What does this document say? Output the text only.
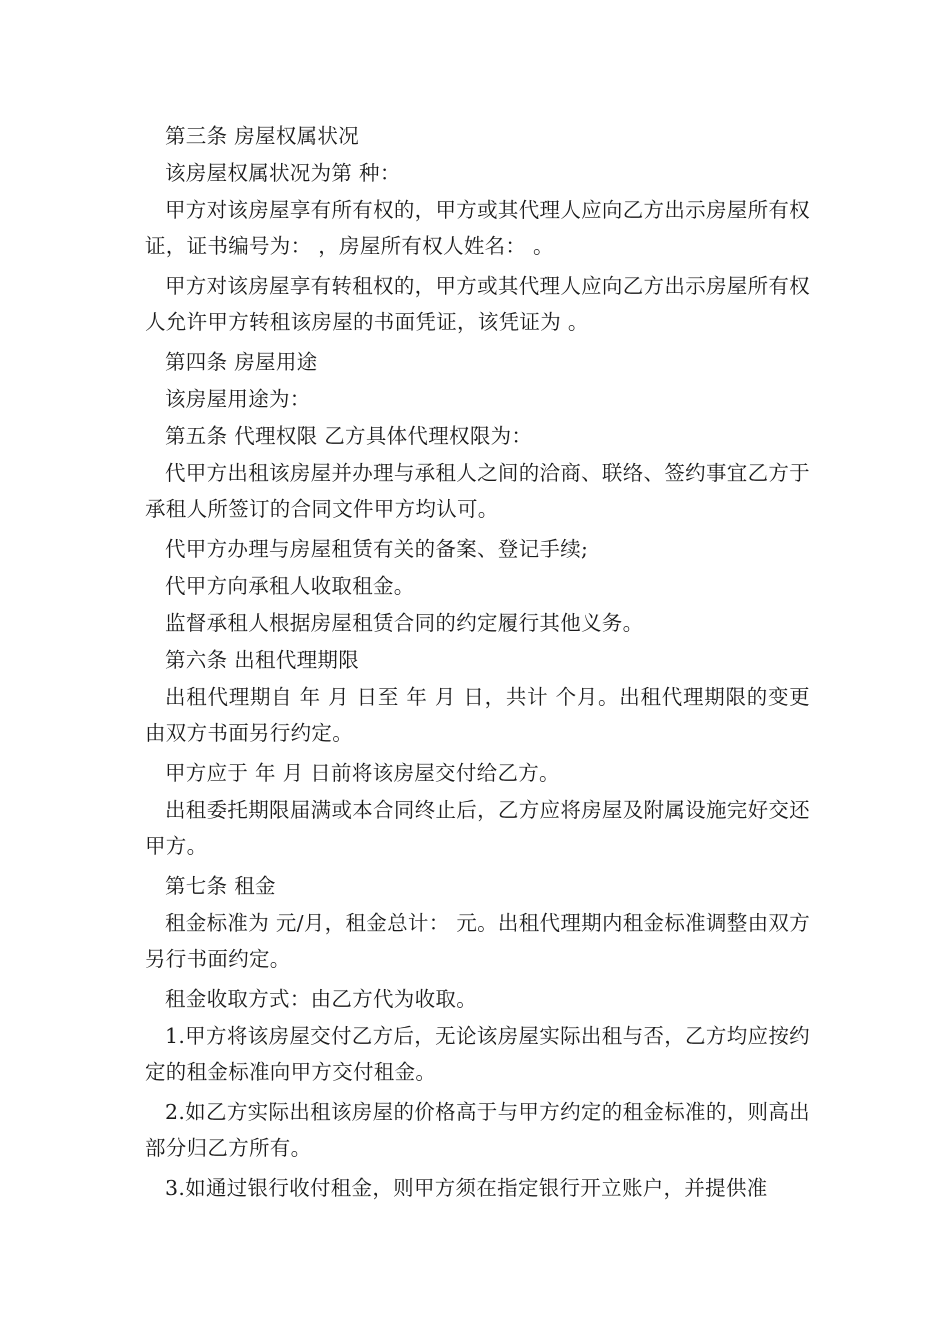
第三条 房屋权属状况

该房屋权属状况为第 种：

甲方对该房屋享有所有权的，甲方或其代理人应向乙方出示房屋所有权证，证书编号为： ，房屋所有权人姓名： 。

甲方对该房屋享有转租权的，甲方或其代理人应向乙方出示房屋所有权人允许甲方转租该房屋的书面凭证，该凭证为 。

第四条 房屋用途

该房屋用途为：

第五条 代理权限 乙方具体代理权限为：

代甲方出租该房屋并办理与承租人之间的洽商、联络、签约事宜乙方于承租人所签订的合同文件甲方均认可。

代甲方办理与房屋租赁有关的备案、登记手续;

代甲方向承租人收取租金。

监督承租人根据房屋租赁合同的约定履行其他义务。

第六条 出租代理期限

出租代理期自 年 月 日至 年 月 日，共计 个月。出租代理期限的变更由双方书面另行约定。

甲方应于 年 月 日前将该房屋交付给乙方。

出租委托期限届满或本合同终止后，乙方应将房屋及附属设施完好交还甲方。

第七条 租金

租金标准为 元/月，租金总计： 元。出租代理期内租金标准调整由双方另行书面约定。

租金收取方式：由乙方代为收取。

1.甲方将该房屋交付乙方后，无论该房屋实际出租与否，乙方均应按约定的租金标准向甲方交付租金。

2.如乙方实际出租该房屋的价格高于与甲方约定的租金标准的，则高出部分归乙方所有。

3.如通过银行收付租金，则甲方须在指定银行开立账户，并提供准
